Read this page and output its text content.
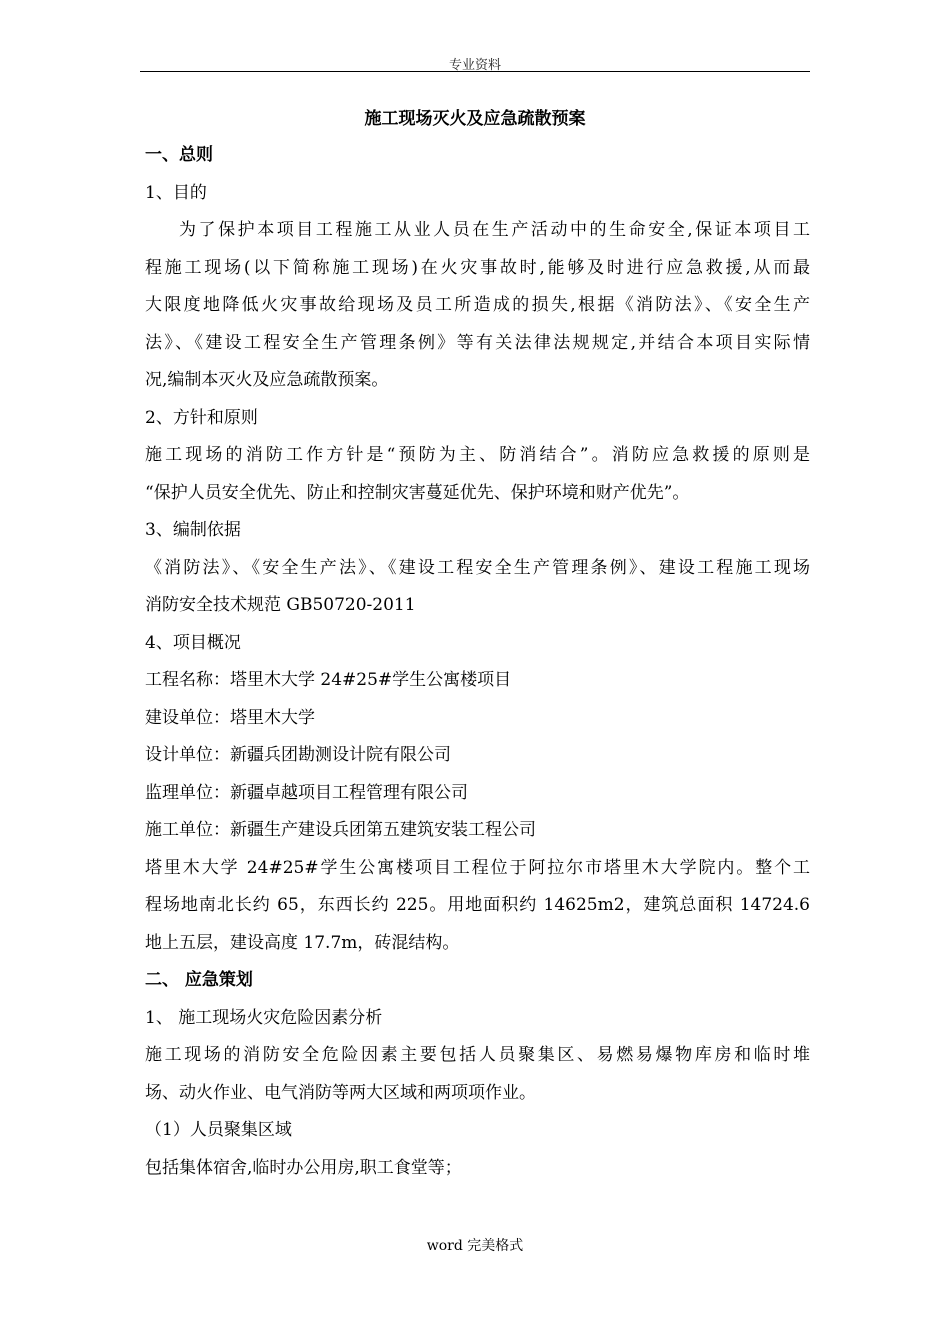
专业资料
施工现场灭火及应急疏散预案
一、总则
1、目的
为了保护本项目工程施工从业人员在生产活动中的生命安全,保证本项目工
程施工现场(以下简称施工现场)在火灾事故时,能够及时进行应急救援,从而最
大限度地降低火灾事故给现场及员工所造成的损失,根据《消防法》、《安全生产
法》、《建设工程安全生产管理条例》等有关法律法规规定,并结合本项目实际情
况,编制本灭火及应急疏散预案。
2、方针和原则
施工现场的消防工作方针是“预防为主、防消结合”。消防应急救援的原则是
“保护人员安全优先、防止和控制灾害蔓延优先、保护环境和财产优先”。
3、编制依据
《消防法》、《安全生产法》、《建设工程安全生产管理条例》、建设工程施工现场
消防安全技术规范 GB50720-2011
4、项目概况
工程名称：塔里木大学 24#25#学生公寓楼项目
建设单位：塔里木大学
设计单位：新疆兵团勘测设计院有限公司
监理单位：新疆卓越项目工程管理有限公司
施工单位：新疆生产建设兵团第五建筑安装工程公司
塔里木大学 24#25#学生公寓楼项目工程位于阿拉尔市塔里木大学院内。整个工
程场地南北长约 65，东西长约 225。用地面积约 14625m2，建筑总面积 14724.6
地上五层，建设高度 17.7m，砖混结构。
二、 应急策划
1、 施工现场火灾危险因素分析
施工现场的消防安全危险因素主要包括人员聚集区、易燃易爆物库房和临时堆
场、动火作业、电气消防等两大区域和两项项作业。
（1）人员聚集区域
包括集体宿舍,临时办公用房,职工食堂等；
word 完美格式
